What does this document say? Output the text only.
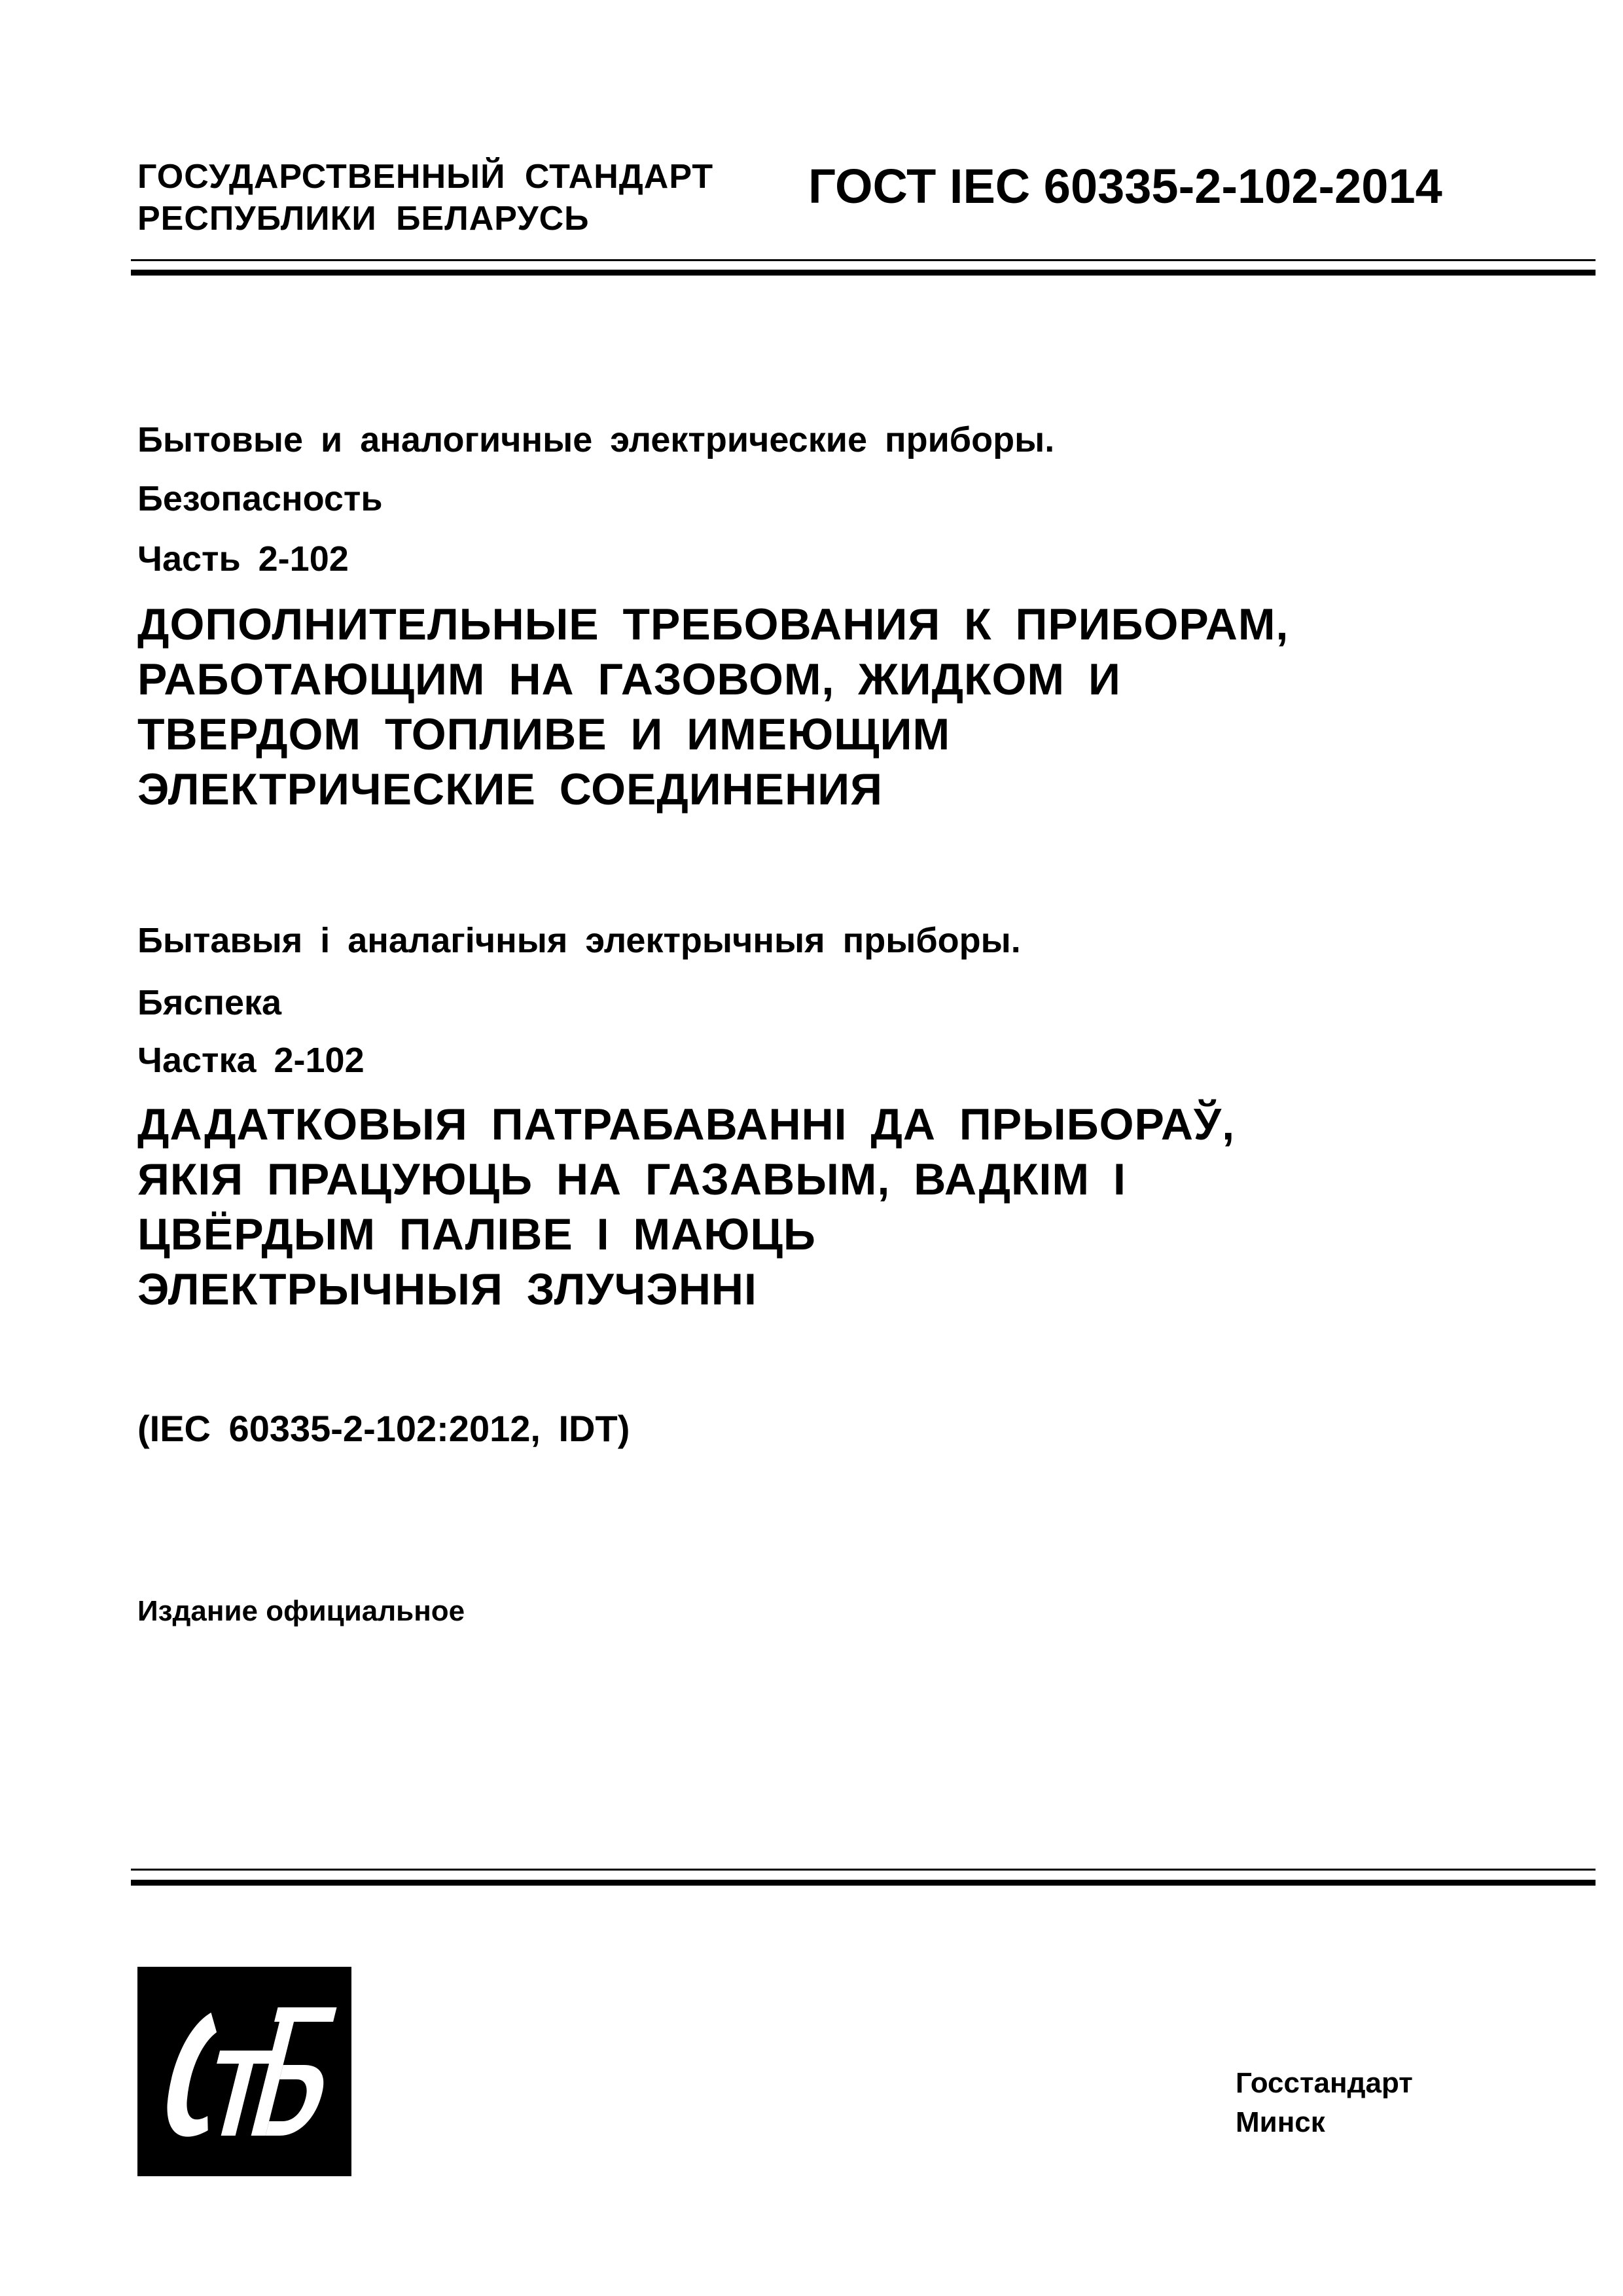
ГОСУДАРСТВЕННЫЙ СТАНДАРТ
РЕСПУБЛИКИ БЕЛАРУСЬ
ГОСТ IEC 60335-2-102-2014
Бытовые и аналогичные электрические приборы.
Безопасность
Часть 2-102
ДОПОЛНИТЕЛЬНЫЕ ТРЕБОВАНИЯ К ПРИБОРАМ,
РАБОТАЮЩИМ НА ГАЗОВОМ, ЖИДКОМ И
ТВЕРДОМ ТОПЛИВЕ И ИМЕЮЩИМ
ЭЛЕКТРИЧЕСКИЕ СОЕДИНЕНИЯ
Бытавыя і аналагічныя электрычныя прыборы.
Бяспека
Частка 2-102
ДАДАТКОВЫЯ ПАТРАБАВАННІ ДА ПРЫБОРАЎ,
ЯКІЯ ПРАЦУЮЦЬ НА ГАЗАВЫМ, ВАДКІМ І
ЦВЁРДЫМ ПАЛІВЕ І МАЮЦЬ
ЭЛЕКТРЫЧНЫЯ ЗЛУЧЭННІ
(IEC 60335-2-102:2012, IDT)
Издание официальное
Госстандарт
Минск
